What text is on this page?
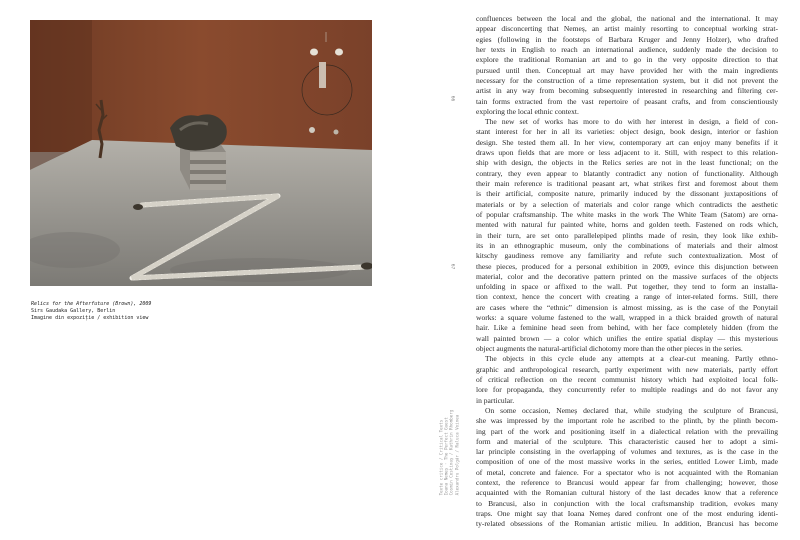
Relics for the Afterfuture (Brown), 2009
Sirs Gaudaka Gallery, Berlin
Imagine din expoziție / exhibition view
66
67
Texte critice / Critical Texts Ioana Nemeș · The Perfect Guest Cosmin Costinaș / Kathrin Rhomberg Alexandru Polgár / Raluca Voinea
confluences between the local and the global, the national and the international. It may
appear disconcerting that Nemeș, an artist mainly resorting to conceptual working strat-
egies (following in the footsteps of Barbara Kruger and Jenny Holzer), who drafted
her texts in English to reach an international audience, suddenly made the decision to
explore the traditional Romanian art and to go in the very opposite direction to that
pursued until then. Conceptual art may have provided her with the main ingredients
necessary for the construction of a time representation system, but it did not prevent the
artist in any way from becoming subsequently interested in researching and filtering cer-
tain forms extracted from the vast repertoire of peasant crafts, and from conscientiously
exploring the local ethnic context.
The new set of works has more to do with her interest in design, a field of con-
stant interest for her in all its varieties: object design, book design, interior or fashion
design. She tested them all. In her view, contemporary art can enjoy many benefits if it
draws upon fields that are more or less adjacent to it. Still, with respect to this relation-
ship with design, the objects in the Relics series are not in the least functional; on the
contrary, they even appear to blatantly contradict any notion of functionality. Although
their main reference is traditional peasant art, what strikes first and foremost about them
is their artificial, composite nature, primarily induced by the dissonant juxtapositions of
materials or by a selection of materials and color range which contradicts the aesthetic
of popular craftsmanship. The white masks in the work The White Team (Satom) are orna-
mented with natural fur painted white, horns and golden teeth. Fastened on rods which,
in their turn, are set onto parallelepiped plinths made of resin, they look like exhib-
its in an ethnographic museum, only the combinations of materials and their almost
kitschy gaudiness remove any familiarity and refute such contextualization. Most of
these pieces, produced for a personal exhibition in 2009, evince this disjunction between
material, color and the decorative pattern printed on the massive surfaces of the objects
unfolding in space or affixed to the wall. Put together, they tend to form an installa-
tion context, hence the concert with creating a range of inter-related forms. Still, there
are cases where the “ethnic” dimension is almost missing, as is the case of the Ponytail
works: a square volume fastened to the wall, wrapped in a thick braided growth of natural
hair. Like a feminine head seen from behind, with her face completely hidden (from the
wall painted brown — a color which unifies the entire spatial display — this mysterious
object augments the natural-artificial dichotomy more than the other pieces in the series.
The objects in this cycle elude any attempts at a clear-cut meaning. Partly ethno-
graphic and anthropological research, partly experiment with new materials, partly effort
of critical reflection on the recent communist history which had exploited local folk-
lore for propaganda, they concurrently refer to multiple readings and do not favor any
in particular.
On some occasion, Nemeș declared that, while studying the sculpture of Brancusi,
she was impressed by the important role he ascribed to the plinth, by the plinth becom-
ing part of the work and positioning itself in a dialectical relation with the prevailing
form and material of the sculpture. This characteristic caused her to adopt a simi-
lar principle consisting in the overlapping of volumes and textures, as is the case in the
composition of one of the most massive works in the series, entitled Lower Limb, made
of metal, concrete and faience. For a spectator who is not acquainted with the Romanian
context, the reference to Brancusi would appear far from challenging; however, those
acquainted with the Romanian cultural history of the last decades know that a reference
to Brancusi, also in conjunction with the local craftsmanship tradition, evokes many
traps. One might say that Ioana Nemeș dared confront one of the most enduring identi-
ty-related obsessions of the Romanian artistic milieu. In addition, Brancusi has become
